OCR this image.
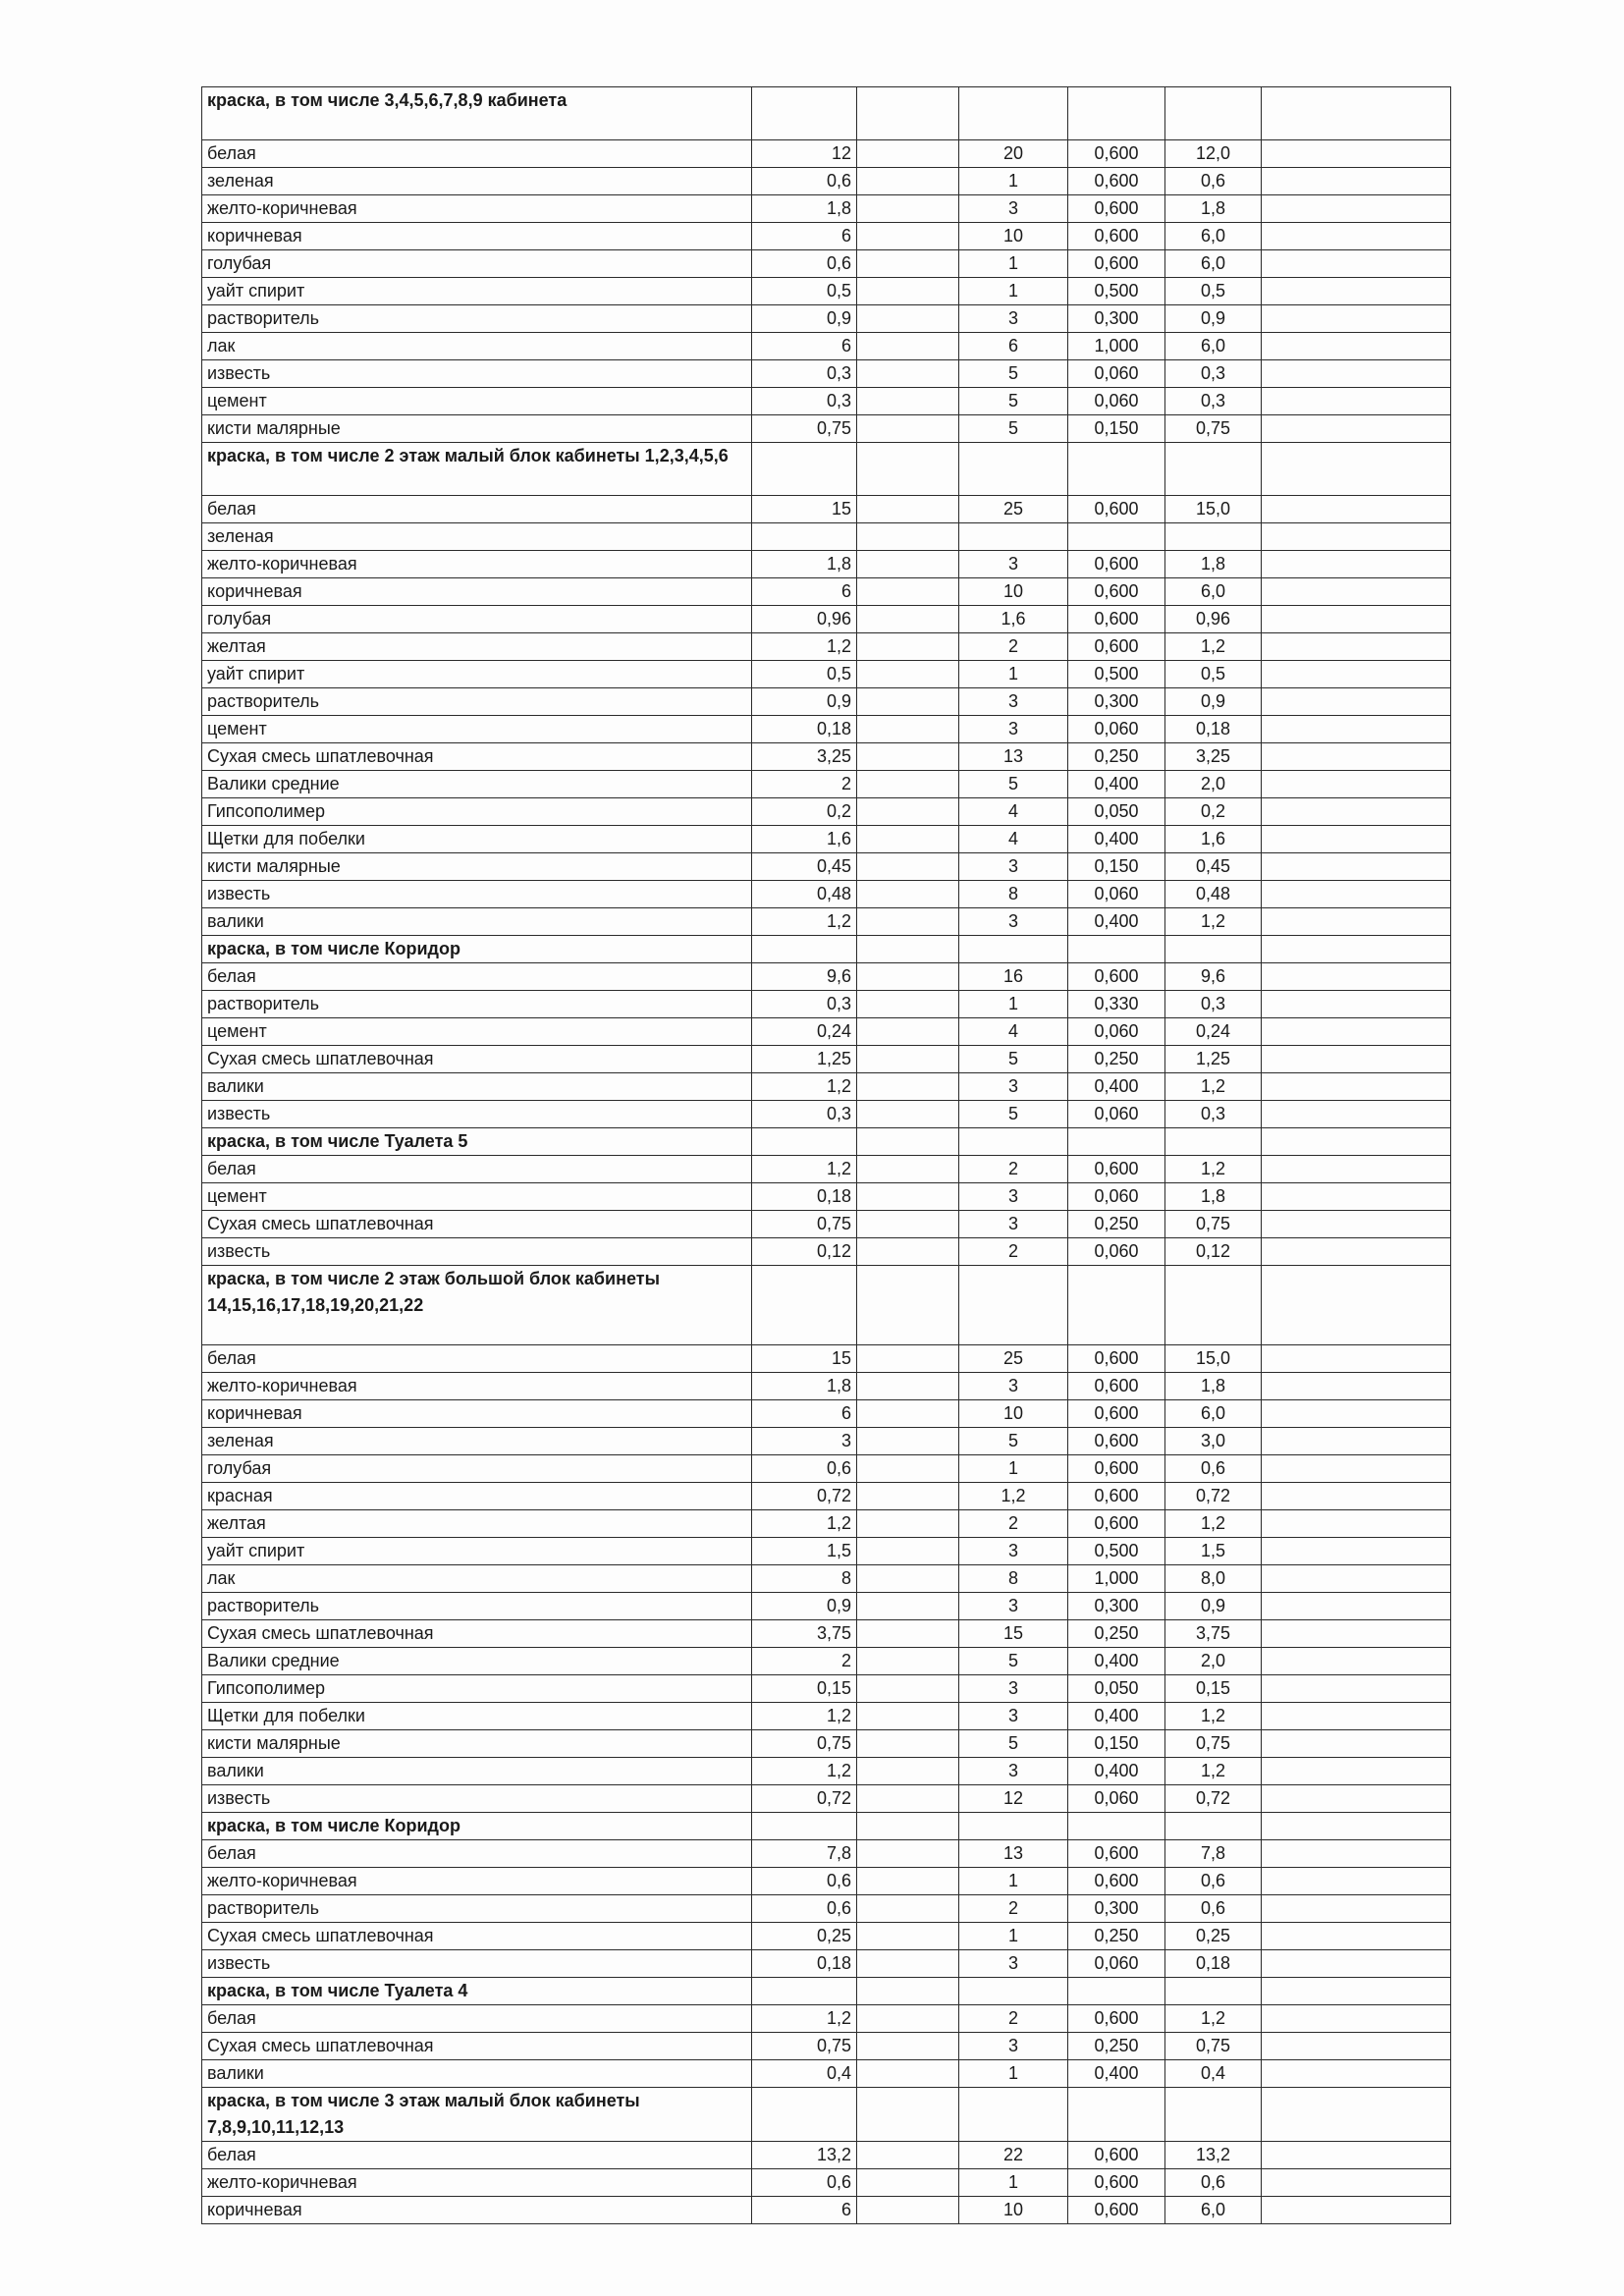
краска, в том числе 3,4,5,6,7,8,9 кабинета						
белая	12		20	0,600	12,0	
зеленая	0,6		1	0,600	0,6	
желто-коричневая	1,8		3	0,600	1,8	
коричневая	6		10	0,600	6,0	
голубая	0,6		1	0,600	6,0	
уайт спирит	0,5		1	0,500	0,5	
растворитель	0,9		3	0,300	0,9	
лак	6		6	1,000	6,0	
известь	0,3		5	0,060	0,3	
цемент	0,3		5	0,060	0,3	
кисти малярные	0,75		5	0,150	0,75	
краска, в том числе 2 этаж малый блок кабинеты 1,2,3,4,5,6						
белая	15		25	0,600	15,0	
зеленая						
желто-коричневая	1,8		3	0,600	1,8	
коричневая	6		10	0,600	6,0	
голубая	0,96		1,6	0,600	0,96	
желтая	1,2		2	0,600	1,2	
уайт спирит	0,5		1	0,500	0,5	
растворитель	0,9		3	0,300	0,9	
цемент	0,18		3	0,060	0,18	
Сухая смесь шпатлевочная	3,25		13	0,250	3,25	
Валики средние	2		5	0,400	2,0	
Гипсополимер	0,2		4	0,050	0,2	
Щетки для побелки	1,6		4	0,400	1,6	
кисти малярные	0,45		3	0,150	0,45	
известь	0,48		8	0,060	0,48	
валики	1,2		3	0,400	1,2	
краска, в том числе Коридор						
белая	9,6		16	0,600	9,6	
растворитель	0,3		1	0,330	0,3	
цемент	0,24		4	0,060	0,24	
Сухая смесь шпатлевочная	1,25		5	0,250	1,25	
валики	1,2		3	0,400	1,2	
известь	0,3		5	0,060	0,3	
краска, в том числе Туалета 5						
белая	1,2		2	0,600	1,2	
цемент	0,18		3	0,060	1,8	
Сухая смесь шпатлевочная	0,75		3	0,250	0,75	
известь	0,12		2	0,060	0,12	
краска, в том числе 2 этаж большой блок кабинеты 14,15,16,17,18,19,20,21,22						
белая	15		25	0,600	15,0	
желто-коричневая	1,8		3	0,600	1,8	
коричневая	6		10	0,600	6,0	
зеленая	3		5	0,600	3,0	
голубая	0,6		1	0,600	0,6	
красная	0,72		1,2	0,600	0,72	
желтая	1,2		2	0,600	1,2	
уайт спирит	1,5		3	0,500	1,5	
лак	8		8	1,000	8,0	
растворитель	0,9		3	0,300	0,9	
Сухая смесь шпатлевочная	3,75		15	0,250	3,75	
Валики средние	2		5	0,400	2,0	
Гипсополимер	0,15		3	0,050	0,15	
Щетки для побелки	1,2		3	0,400	1,2	
кисти малярные	0,75		5	0,150	0,75	
валики	1,2		3	0,400	1,2	
известь	0,72		12	0,060	0,72	
краска, в том числе Коридор						
белая	7,8		13	0,600	7,8	
желто-коричневая	0,6		1	0,600	0,6	
растворитель	0,6		2	0,300	0,6	
Сухая смесь шпатлевочная	0,25		1	0,250	0,25	
известь	0,18		3	0,060	0,18	
краска, в том числе Туалета 4						
белая	1,2		2	0,600	1,2	
Сухая смесь шпатлевочная	0,75		3	0,250	0,75	
валики	0,4		1	0,400	0,4	
краска, в том числе 3 этаж малый блок кабинеты 7,8,9,10,11,12,13						
белая	13,2		22	0,600	13,2	
желто-коричневая	0,6		1	0,600	0,6	
коричневая	6		10	0,600	6,0	
